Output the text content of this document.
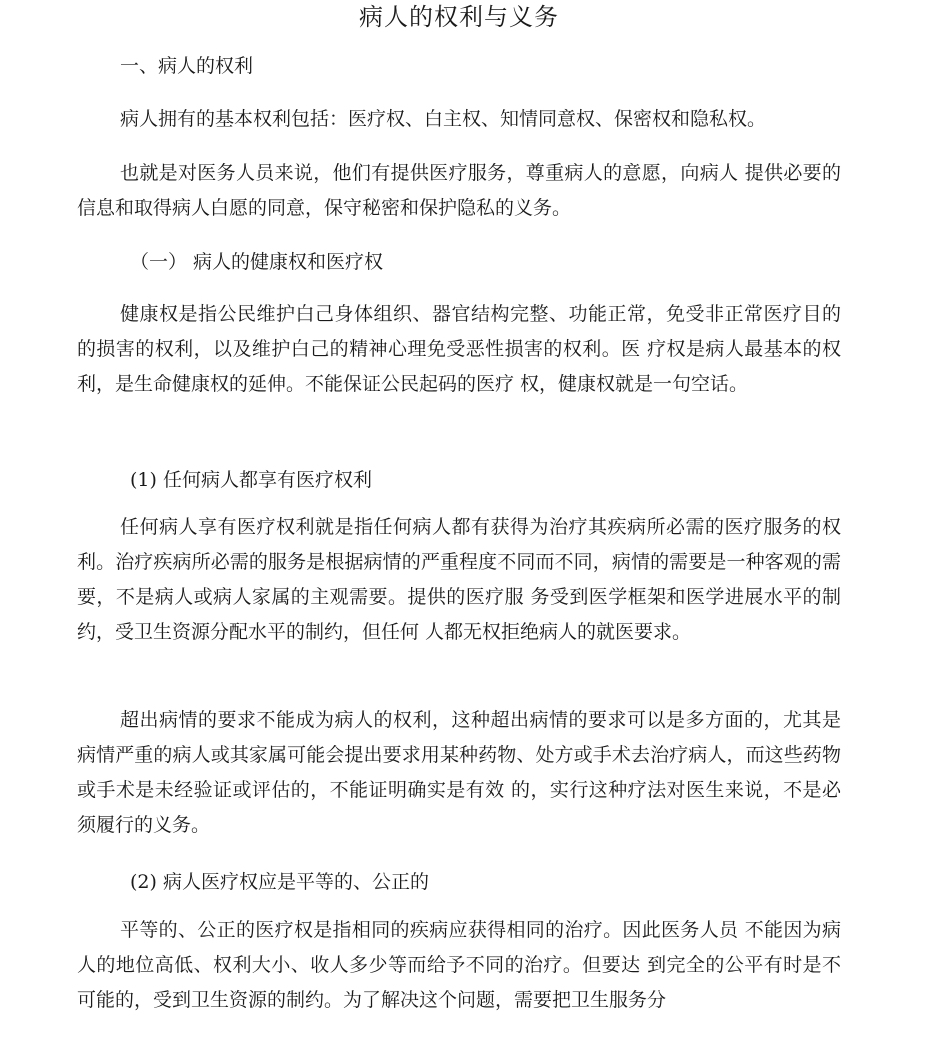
病人的权利与义务
一、病人的权利

病人拥有的基本权利包括：医疗权、白主权、知情同意权、保密权和隐私权。

也就是对医务人员来说，他们有提供医疗服务，尊重病人的意愿，向病人 提供必要的信息和取得病人白愿的同意，保守秘密和保护隐私的义务。

（一） 病人的健康权和医疗权

健康权是指公民维护白己身体组织、器官结构完整、功能正常，免受非正常医疗目的的损害的权利，以及维护白己的精神心理免受恶性损害的权利。医 疗权是病人最基本的权利，是生命健康权的延伸。不能保证公民起码的医疗 权，健康权就是一句空话。

(1) 任何病人都享有医疗权利

任何病人享有医疗权利就是指任何病人都有获得为治疗其疾病所必需的医疗服务的权利。治疗疾病所必需的服务是根据病情的严重程度不同而不同，病情的需要是一种客观的需要，不是病人或病人家属的主观需要。提供的医疗服 务受到医学框架和医学进展水平的制约，受卫生资源分配水平的制约，但任何 人都无权拒绝病人的就医要求。

超出病情的要求不能成为病人的权利，这种超出病情的要求可以是多方面的，尤其是病情严重的病人或其家属可能会提出要求用某种药物、处方或手术去治疗病人，而这些药物或手术是未经验证或评估的，不能证明确实是有效 的，实行这种疗法对医生来说，不是必须履行的义务。

(2) 病人医疗权应是平等的、公正的

平等的、公正的医疗权是指相同的疾病应获得相同的治疗。因此医务人员 不能因为病人的地位高低、权利大小、收人多少等而给予不同的治疗。但要达 到完全的公平有时是不可能的，受到卫生资源的制约。为了解决这个问题，需要把卫生服务分
